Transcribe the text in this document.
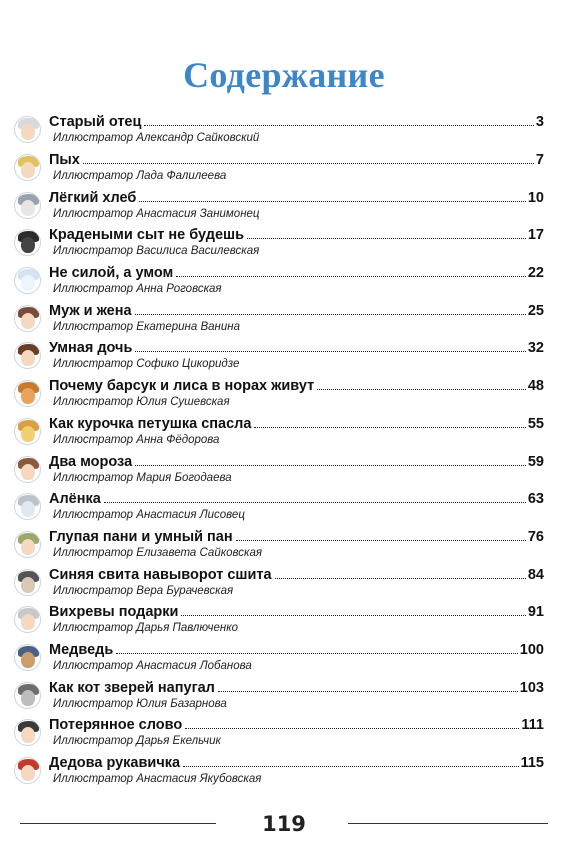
Содержание
Старый отец	3
Иллюстратор Александр Сайковский
Пых	7
Иллюстратор Лада Фалилеева
Лёгкий хлеб	10
Иллюстратор Анастасия Занимонец
Крадеными сыт не будешь	17
Иллюстратор Василиса Василевская
Не силой, а умом	22
Иллюстратор Анна Роговская
Муж и жена	25
Иллюстратор Екатерина Ванина
Умная дочь	32
Иллюстратор Софико Цикоридзе
Почему барсук и лиса в норах живут	48
Иллюстратор Юлия Сушевская
Как курочка петушка спасла	55
Иллюстратор Анна Фёдорова
Два мороза	59
Иллюстратор Мария Богодаева
Алёнка	63
Иллюстратор Анастасия Лисовец
Глупая пани и умный пан	76
Иллюстратор Елизавета Сайковская
Синяя свита навыворот сшита	84
Иллюстратор Вера Бурачевская
Вихревы подарки	91
Иллюстратор Дарья Павлюченко
Медведь	100
Иллюстратор Анастасия Лобанова
Как кот зверей напугал	103
Иллюстратор Юлия Базарнова
Потерянное слово	111
Иллюстратор Дарья Екельчик
Дедова рукавичка	115
Иллюстратор Анастасия Якубовская
119
